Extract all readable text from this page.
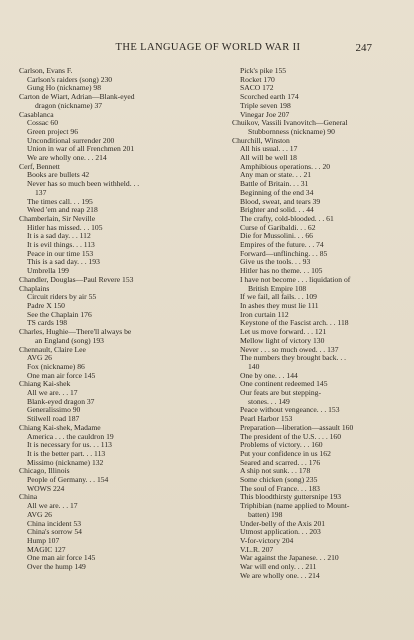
THE LANGUAGE OF WORLD WAR II	247

Carlson, Evans F.

Carlson's raiders (song) 230

Gung Ho (nickname) 98

Carton de Wiart, Adrian—Blank-eyed

dragon (nickname) 37

Casablanca

Cossac 60

Green project 96

Unconditional surrender 200

Union in war of all Frenchmen 201

We are wholly one. . . 214

Cerf, Bennett

Books are bullets 42

Never has so much been withheld. . .

137

The times call. . . 195

Weed 'em and reap 218

Chamberlain, Sir Neville

Hitler has missed. . . 105

It is a sad day. . . 112

It is evil things. . . 113

Peace in our time 153

This is a sad day. . . 193

Umbrella 199

Chandler, Douglas—Paul Revere 153

Chaplains

Circuit riders by air 55

Padre X 150

See the Chaplain 176

TS cards 198

Charles, Hughie—There'll always be

an England (song) 193

Chennault, Claire Lee

AVG 26

Fox (nickname) 86

One man air force 145

Chiang Kai-shek

All we are. . . 17

Blank-eyed dragon 37

Generalissimo 90

Stilwell road 187

Chiang Kai-shek, Madame

America . . . the cauldron 19

It is necessary for us. . . 113

It is the better part. . . 113

Missimo (nickname) 132

Chicago, Illinois

People of Germany. . . 154

WOWS 224

China

All we are. . . 17

AVG 26

China incident 53

China's sorrow 54

Hump 107

MAGIC 127

One man air force 145

Over the hump 149

Pick's pike 155

Rocket 170

SACO 172

Scorched earth 174

Triple seven 198

Vinegar Joe 207

Chuikov, Vassili Ivanovitch—General

Stubbornness (nickname) 90

Churchill, Winston

All his usual. . . 17

All will be well 18

Amphibious operations. . . 20

Any man or state. . . 21

Battle of Britain. . . 31

Beginning of the end 34

Blood, sweat, and tears 39

Brighter and solid. . . 44

The crafty, cold-blooded. . . 61

Curse of Garibaldi. . . 62

Die for Mussolini. . . 66

Empires of the future. . . 74

Forward—unflinching. . . 85

Give us the tools. . . 93

Hitler has no theme. . . 105

I have not become . . . liquidation of

British Empire 108

If we fail, all fails. . . 109

In ashes they must lie 111

Iron curtain 112

Keystone of the Fascist arch. . . 118

Let us move forward. . . 121

Mellow light of victory 130

Never . . . so much owed. . . 137

The numbers they brought back. . .

140

One by one. . . 144

One continent redeemed 145

Our feats are but stepping-

stones. . . 149

Peace without vengeance. . . 153

Pearl Harbor 153

Preparation—liberation—assault 160

The president of the U.S. . . . 160

Problems of victory. . . 160

Put your confidence in us 162

Seared and scarred. . . 176

A ship not sunk. . . 178

Some chicken (song) 235

The soul of France. . . 183

This bloodthirsty guttersnipe 193

Triphibian (name applied to Mount-

batten) 198

Under-belly of the Axis 201

Utmost application. . . 203

V-for-victory 204

V.L.R. 207

War against the Japanese. . . 210

War will end only. . . 211

We are wholly one. . . 214
